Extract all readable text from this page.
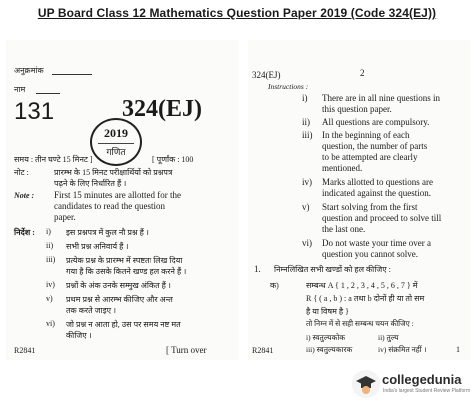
UP Board Class 12 Mathematics Question Paper 2019 (Code 324(EJ))
अनुक्रमांक
नाम
131	324(EJ)
2019
गणित
समय : तीन घण्टे 15 मिनट ]	[ पूर्णांक : 100
नोट :	प्रारम्भ के 15 मिनट परीक्षार्थियों को प्रश्नपत्र
पढ़ने के लिए निर्धारित हैं ।
Note : First 15 minutes are allotted for the
candidates to read the question
paper.
निर्देश : i) इस प्रश्नपत्र में कुल नौ प्रश्न हैं ।
ii) सभी प्रश्न अनिवार्य हैं ।
iii) प्रत्येक प्रश्न के प्रारम्भ में स्पष्टतः लिख दिया
गया है कि उसके कितने खण्ड हल करने हैं ।
iv) प्रश्नों के अंक उनके सम्मुख अंकित हैं ।
v) प्रथम प्रश्न से आरम्भ कीजिए और अन्त
तक करते जाइए ।
vi) जो प्रश्न न आता हो, उस पर समय नष्ट मत
कीजिए ।
R2841	[ Turn over
324(EJ)	2
Instructions :
i) There are in all nine questions in
this question paper.
ii) All questions are compulsory.
iii) In the beginning of each
question, the number of parts
to be attempted are clearly
mentioned.
iv) Marks allotted to questions are
indicated against the question.
v) Start solving from the first
question and proceed to solve till
the last one.
vi) Do not waste your time over a
question you cannot solve.
1. निम्नलिखित सभी खण्डों को हल कीजिए :
क)	सम्बन्ध A { 1 , 2 , 3 , 4 , 5 , 6 , 7 } में
R { ( a , b ) : a तथा b दोनों ही या तो सम
है या विषम है }
तो निम्न में से सही सम्बन्ध चयन कीजिए :
i) स्वतुल्यकोक	ii) तुल्य
iii) स्वतुल्यकारक	iv) संक्रमित नहीं ।	1
R2841
collegedunia
India's largest Student Review Platform
